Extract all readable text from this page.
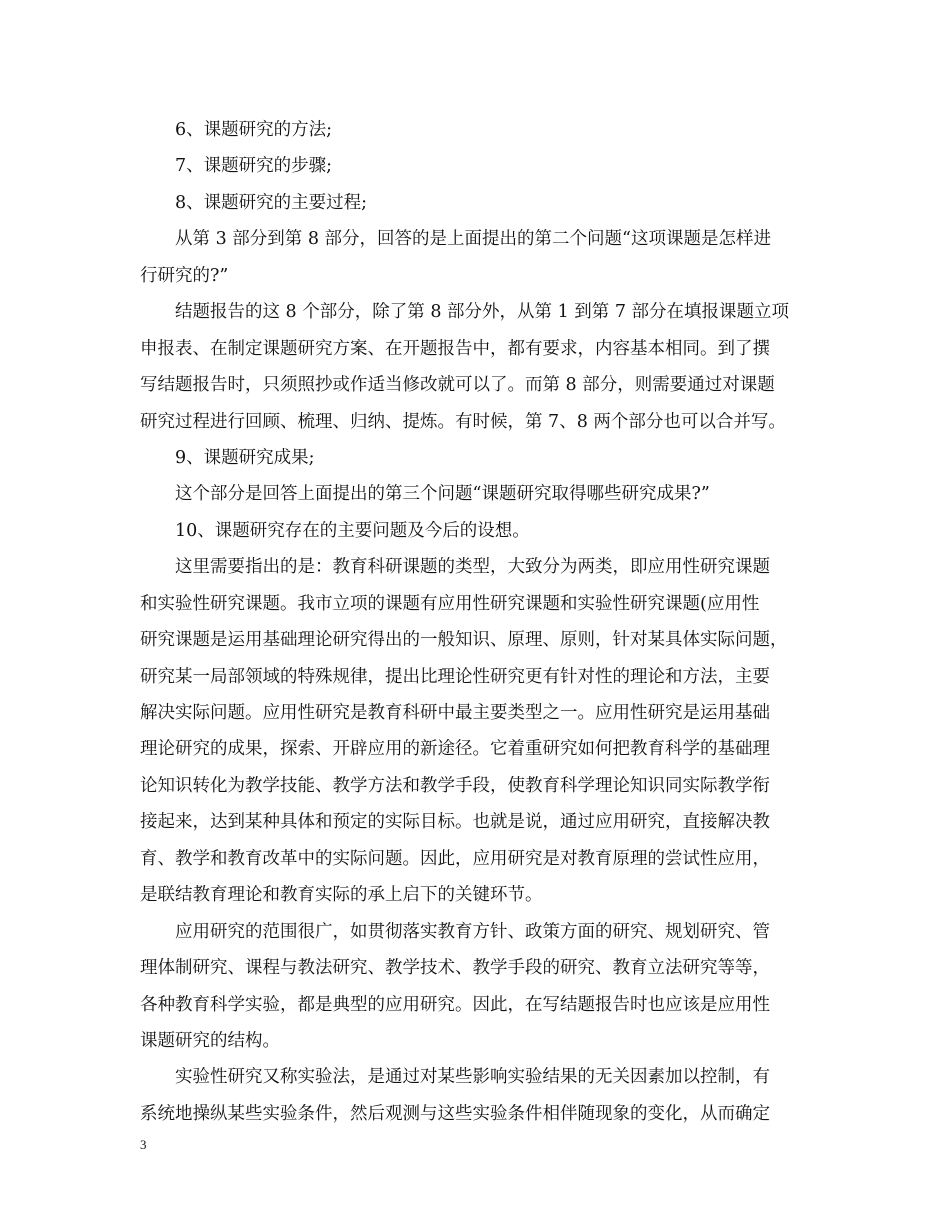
6、课题研究的方法;
7、课题研究的步骤;
8、课题研究的主要过程;
从第 3 部分到第 8 部分，回答的是上面提出的第二个问题“这项课题是怎样进
行研究的?”
结题报告的这 8 个部分，除了第 8 部分外，从第 1 到第 7 部分在填报课题立项
申报表、在制定课题研究方案、在开题报告中，都有要求，内容基本相同。到了撰
写结题报告时，只须照抄或作适当修改就可以了。而第 8 部分，则需要通过对课题
研究过程进行回顾、梳理、归纳、提炼。有时候，第 7、8 两个部分也可以合并写。
9、课题研究成果;
这个部分是回答上面提出的第三个问题“课题研究取得哪些研究成果?”
10、课题研究存在的主要问题及今后的设想。
这里需要指出的是：教育科研课题的类型，大致分为两类，即应用性研究课题
和实验性研究课题。我市立项的课题有应用性研究课题和实验性研究课题(应用性
研究课题是运用基础理论研究得出的一般知识、原理、原则，针对某具体实际问题，
研究某一局部领域的特殊规律，提出比理论性研究更有针对性的理论和方法，主要
解决实际问题。应用性研究是教育科研中最主要类型之一。应用性研究是运用基础
理论研究的成果，探索、开辟应用的新途径。它着重研究如何把教育科学的基础理
论知识转化为教学技能、教学方法和教学手段，使教育科学理论知识同实际教学衔
接起来，达到某种具体和预定的实际目标。也就是说，通过应用研究，直接解决教
育、教学和教育改革中的实际问题。因此，应用研究是对教育原理的尝试性应用，
是联结教育理论和教育实际的承上启下的关键环节。
应用研究的范围很广，如贯彻落实教育方针、政策方面的研究、规划研究、管
理体制研究、课程与教法研究、教学技术、教学手段的研究、教育立法研究等等，
各种教育科学实验，都是典型的应用研究。因此，在写结题报告时也应该是应用性
课题研究的结构。
实验性研究又称实验法，是通过对某些影响实验结果的无关因素加以控制，有
系统地操纵某些实验条件，然后观测与这些实验条件相伴随现象的变化，从而确定
3
